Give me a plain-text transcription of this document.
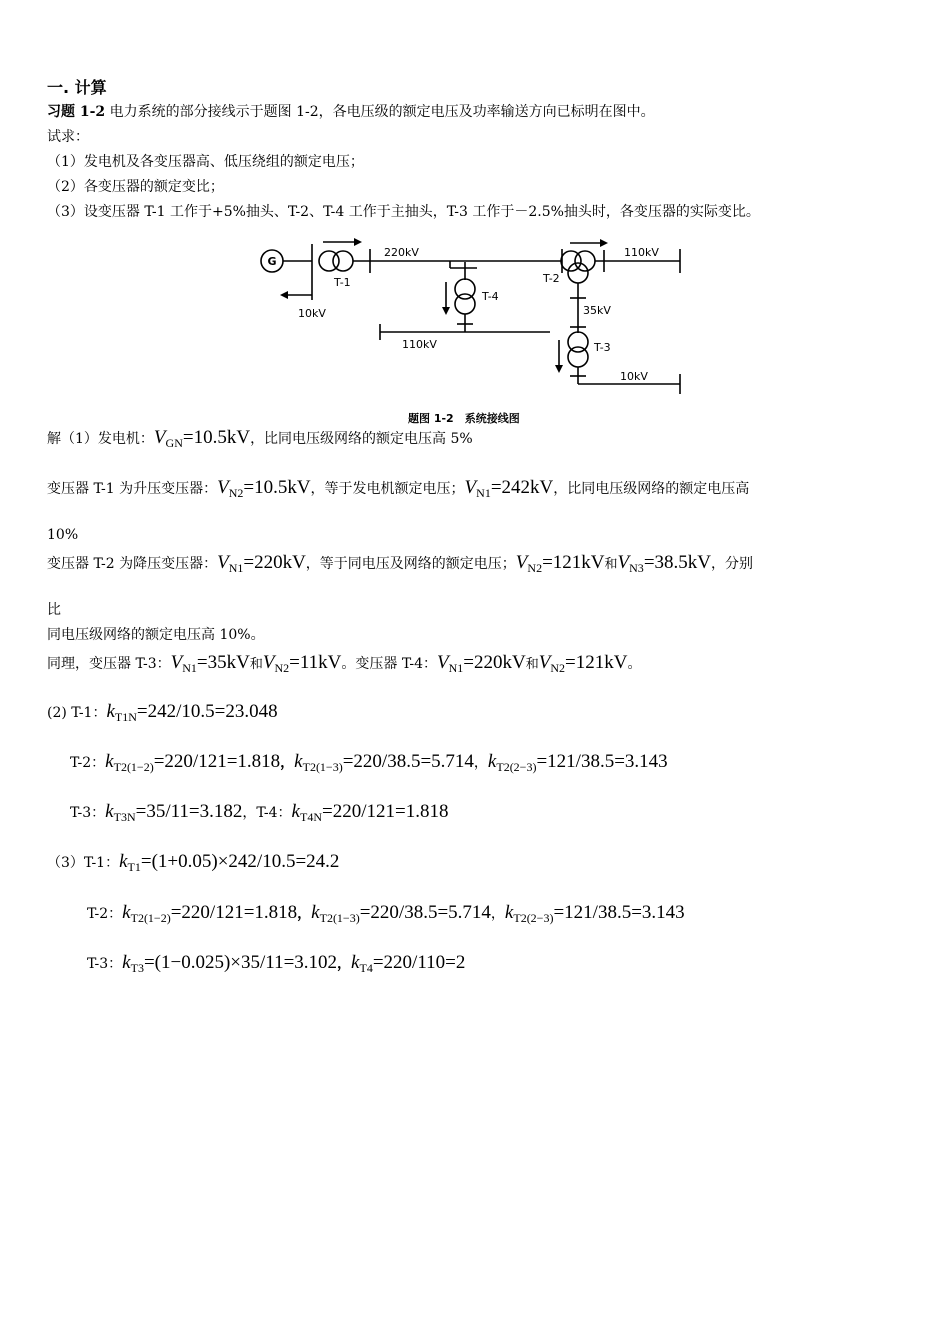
一. 计算
习题 1-2 电力系统的部分接线示于题图 1-2，各电压级的额定电压及功率输送方向已标明在图中。
试求：
（1）发电机及各变压器高、低压绕组的额定电压；
（2）各变压器的额定变比；
（3）设变压器 T-1 工作于+5%抽头、T-2、T-4 工作于主抽头，T-3 工作于－2.5%抽头时，各变压器的实际变比。
G
T-1
220kV
10kV
T-4
110kV
T-2
110kV
35kV
T-3
10kV
题图 1-2　系统接线图
解（1）发电机：$V_{GN}=10.5kV$，比同电压级网络的额定电压高 5%
变压器 T-1 为升压变压器：$V_{N2}=10.5kV$，等于发电机额定电压；$V_{N1}=242kV$，比同电压级网络的额定电压高
10%
变压器 T-2 为降压变压器：$V_{N1}=220kV$，等于同电压及网络的额定电压；$V_{N2}=121kV$和$V_{N3}=38.5kV$，分别
比
同电压级网络的额定电压高 10%。
同理，变压器 T-3：$V_{N1}=35kV$和$V_{N2}=11kV$。变压器 T-4：$V_{N1}=220kV$和$V_{N2}=121kV$。
(2) T-1：$k_{T1N}=242/10.5=23.048$
T-2：$k_{T2(1-2)}=220/121=1.818$，$k_{T2(1-3)}=220/38.5=5.714$，$k_{T2(2-3)}=121/38.5=3.143$
T-3：$k_{T3N}=35/11=3.182$，T-4：$k_{T4N}=220/121=1.818$
（3）T-1：$k_{T1}=(1+0.05)\times 242/10.5=24.2$
T-2：$k_{T2(1-2)}=220/121=1.818$，$k_{T2(1-3)}=220/38.5=5.714$，$k_{T2(2-3)}=121/38.5=3.143$
T-3：$k_{T3}=(1-0.025)\times 35/11=3.102$，$k_{T4}=220/110=2$
